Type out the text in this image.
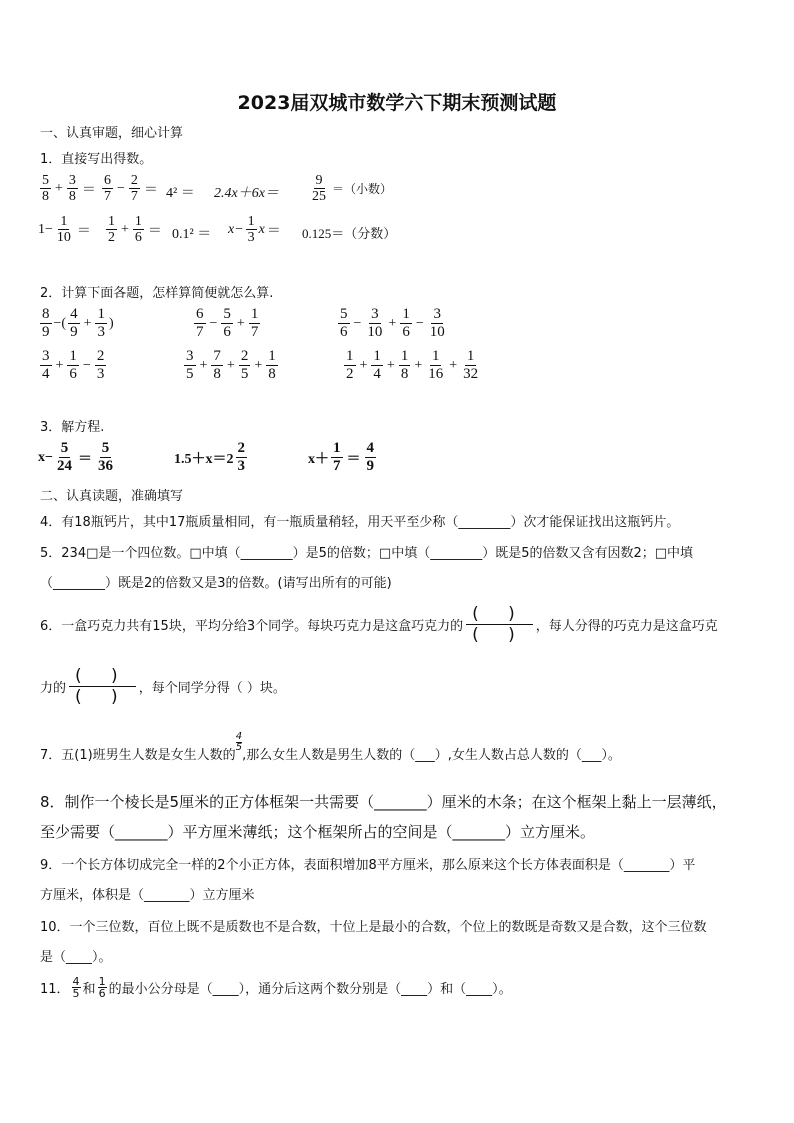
2023届双城市数学六下期末预测试题
一、认真审题，细心计算
1．直接写出得数。
$\frac{5}{8} + \frac{3}{8} = \frac{6}{7} - \frac{2}{7} = 4^2 = 2.4x+6x= \frac{9}{25}$ ＝（小数）
$1- \frac{1}{10} = \frac{1}{2} + \frac{1}{6} = 0.1^2 = x- \frac{1}{3}$ x ＝ 0.125＝（分数）
2．计算下面各题，怎样算简便就怎么算.
$\frac{8}{9}$ −( $\frac{4}{9} + \frac{1}{3}$ )	$\frac{6}{7} - \frac{5}{6} + \frac{1}{7}$	$\frac{5}{6} - \frac{3}{10} + \frac{1}{6} - \frac{3}{10}$
$\frac{3}{4} + \frac{1}{6} - \frac{2}{3}$	$\frac{3}{5} + \frac{7}{8} + \frac{2}{5} + \frac{1}{8}$	$\frac{1}{2} + \frac{1}{4} + \frac{1}{8} + \frac{1}{16} + \frac{1}{32}$
3．解方程.
$x- \frac{5}{24} = \frac{5}{36}$	$1.5+x=2 \frac{2}{3}$	$x+ \frac{1}{7} = \frac{4}{9}$
二、认真读题，准确填写
4．有18瓶钙片，其中17瓶质量相同，有一瓶质量稍轻，用天平至少称（________）次才能保证找出这瓶钙片。
5．234□是一个四位数。□中填（________）是5的倍数；□中填（________）既是5的倍数又含有因数2；□中填
（________）既是2的倍数又是3的倍数。(请写出所有的可能)
6．一盒巧克力共有15块，平均分给3个同学。每块巧克力是这盒巧克力的 $\frac{( )}{( )}$ ，每人分得的巧克力是这盒巧克
力的 $\frac{( )}{( )}$ ，每个同学分得（ ）块。
7．五(1)班男生人数是女生人数的
$\frac{4}{5}$
,那么女生人数是男生人数的（___）,女生人数占总人数的（___）。
8．制作一个棱长是5厘米的正方体框架一共需要（_______）厘米的木条；在这个框架上黏上一层薄纸，
至少需要（_______）平方厘米薄纸；这个框架所占的空间是（_______）立方厘米。
9．一个长方体切成完全一样的2个小正方体，表面积增加8平方厘米，那么原来这个长方体表面积是（_______）平
方厘米，体积是（_______）立方厘米
10．一个三位数，百位上既不是质数也不是合数，十位上是最小的合数，个位上的数既是奇数又是合数，这个三位数
是（____）。
11． $\frac{4}{5}$ 和 $\frac{1}{6}$ 的最小公分母是（____），通分后这两个数分别是（____）和（____）。
